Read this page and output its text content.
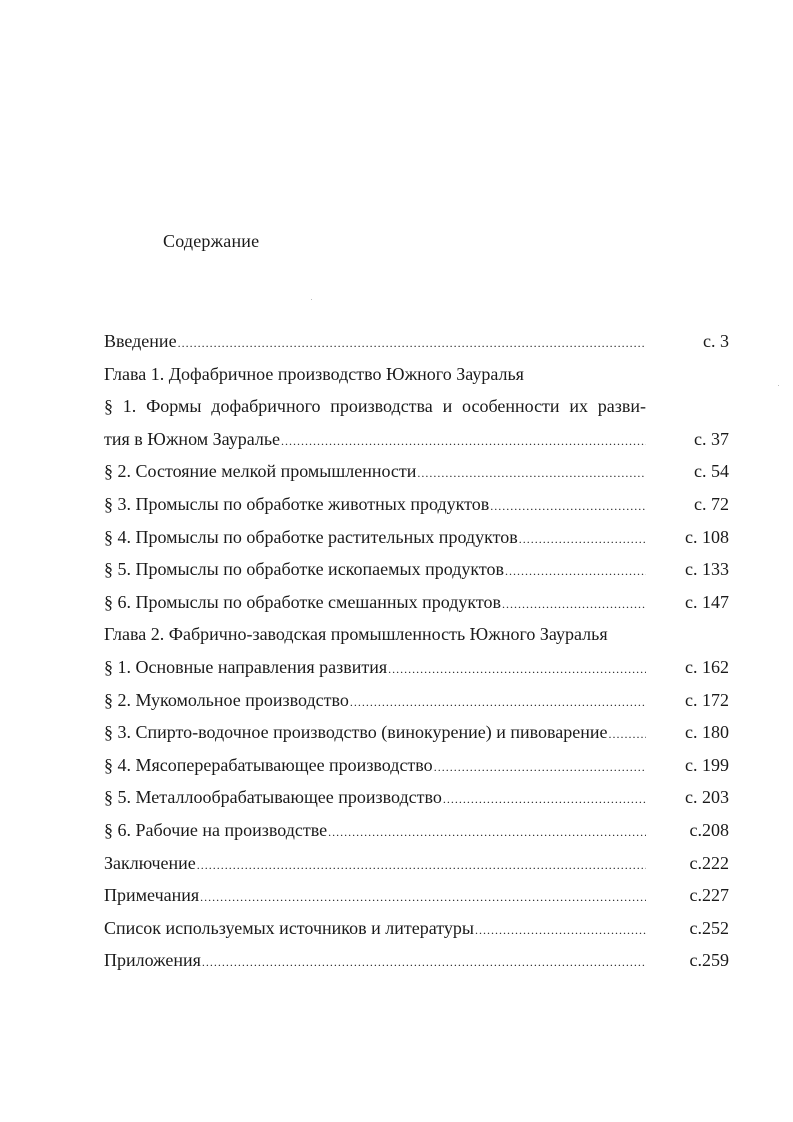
Содержание
Введение .....	с. 3
Глава 1. Дофабричное производство Южного Зауралья
§ 1. Формы дофабричного производства и особенности их разви-
тия в Южном Зауралье .....	с. 37
§ 2. Состояние мелкой промышленности .....	с. 54
§ 3. Промыслы по обработке животных продуктов .....	с. 72
§ 4. Промыслы по обработке растительных продуктов .....	с. 108
§ 5. Промыслы по обработке ископаемых продуктов .....	с. 133
§ 6. Промыслы по обработке смешанных продуктов .....	с. 147
Глава 2. Фабрично-заводская промышленность Южного Зауралья
§ 1. Основные направления развития .....	с. 162
§ 2. Мукомольное производство .....	с. 172
§ 3. Спирто-водочное производство (винокурение) и пивоварение .....	с. 180
§ 4. Мясоперерабатывающее производство .....	с. 199
§ 5. Металлообрабатывающее производство .....	с. 203
§ 6. Рабочие на производстве .....	с.208
Заключение .....	с.222
Примечания .....	с.227
Список используемых источников и литературы .....	с.252
Приложения .....	с.259
